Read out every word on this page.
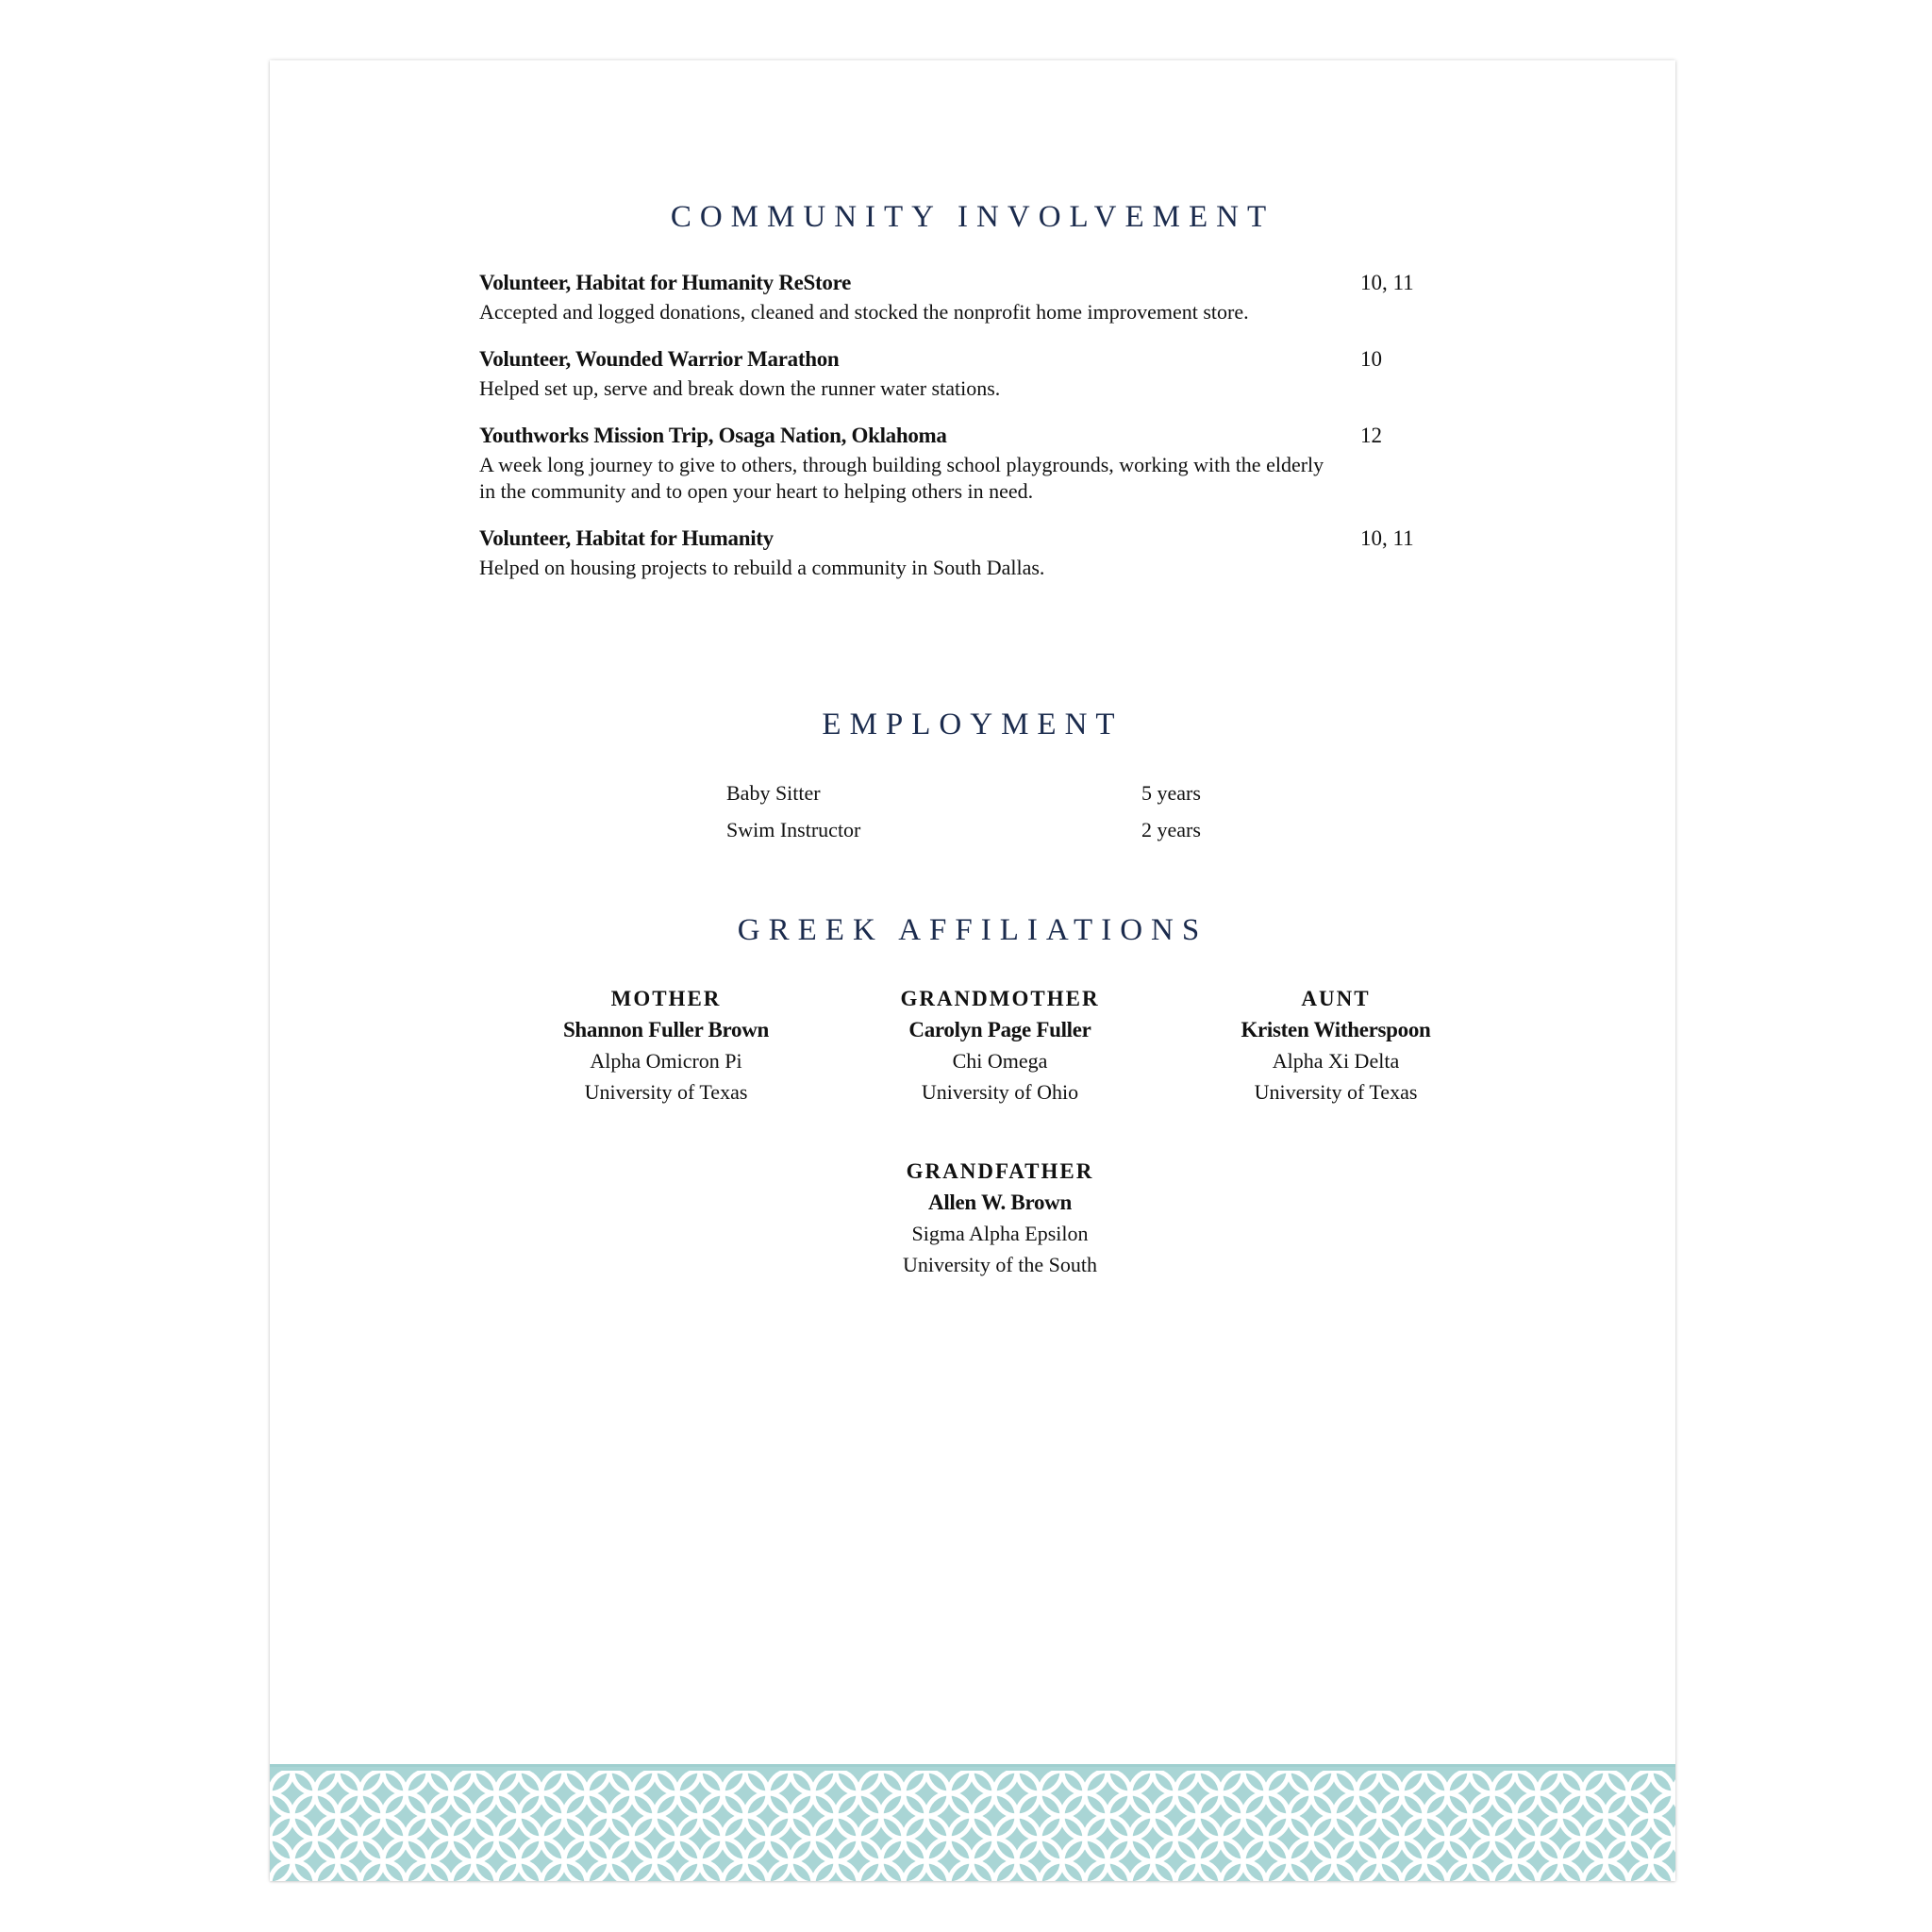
COMMUNITY INVOLVEMENT
Volunteer, Habitat for Humanity ReStore	10, 11
Accepted and logged donations, cleaned and stocked the nonprofit home improvement store.
Volunteer, Wounded Warrior Marathon	10
Helped set up, serve and break down the runner water stations.
Youthworks Mission Trip, Osaga Nation, Oklahoma	12
A week long journey to give to others, through building school playgrounds, working with the elderly in the community and to open your heart to helping others in need.
Volunteer, Habitat for Humanity	10, 11
Helped on housing projects to rebuild a community in South Dallas.
EMPLOYMENT
Baby Sitter	5 years
Swim Instructor	2 years
GREEK AFFILIATIONS
MOTHER
Shannon Fuller Brown
Alpha Omicron Pi
University of Texas
GRANDMOTHER
Carolyn Page Fuller
Chi Omega
University of Ohio
AUNT
Kristen Witherspoon
Alpha Xi Delta
University of Texas
GRANDFATHER
Allen W. Brown
Sigma Alpha Epsilon
University of the South
